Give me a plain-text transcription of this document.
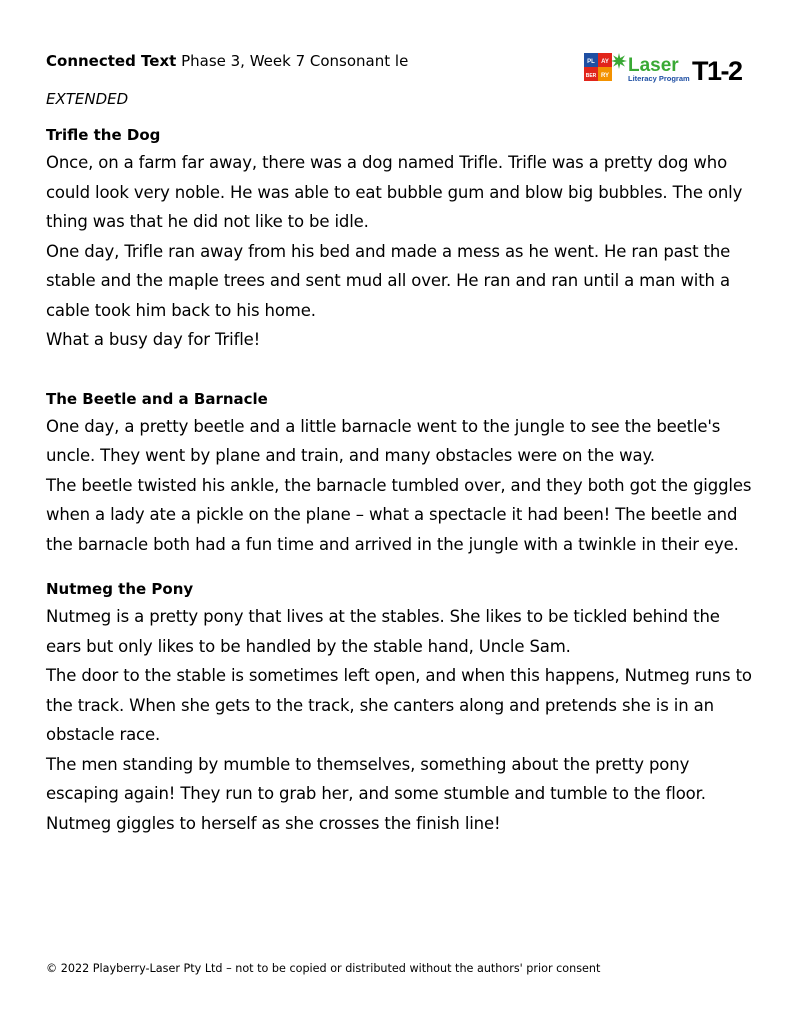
Connected Text Phase 3, Week 7 Consonant le
EXTENDED
PL AY
BER RY Laser
Literacy Program T1-2
Trifle the Dog

Once, on a farm far away, there was a dog named Trifle. Trifle was a pretty dog who could look very noble. He was able to eat bubble gum and blow big bubbles. The only thing was that he did not like to be idle.

One day, Trifle ran away from his bed and made a mess as he went. He ran past the stable and the maple trees and sent mud all over. He ran and ran until a man with a cable took him back to his home.

What a busy day for Trifle!

The Beetle and a Barnacle

One day, a pretty beetle and a little barnacle went to the jungle to see the beetle's uncle. They went by plane and train, and many obstacles were on the way.

The beetle twisted his ankle, the barnacle tumbled over, and they both got the giggles when a lady ate a pickle on the plane – what a spectacle it had been! The beetle and the barnacle both had a fun time and arrived in the jungle with a twinkle in their eye.

Nutmeg the Pony

Nutmeg is a pretty pony that lives at the stables. She likes to be tickled behind the ears but only likes to be handled by the stable hand, Uncle Sam.

The door to the stable is sometimes left open, and when this happens, Nutmeg runs to the track. When she gets to the track, she canters along and pretends she is in an obstacle race.

The men standing by mumble to themselves, something about the pretty pony escaping again! They run to grab her, and some stumble and tumble to the floor. Nutmeg giggles to herself as she crosses the finish line!

© 2022 Playberry-Laser Pty Ltd – not to be copied or distributed without the authors' prior consent
